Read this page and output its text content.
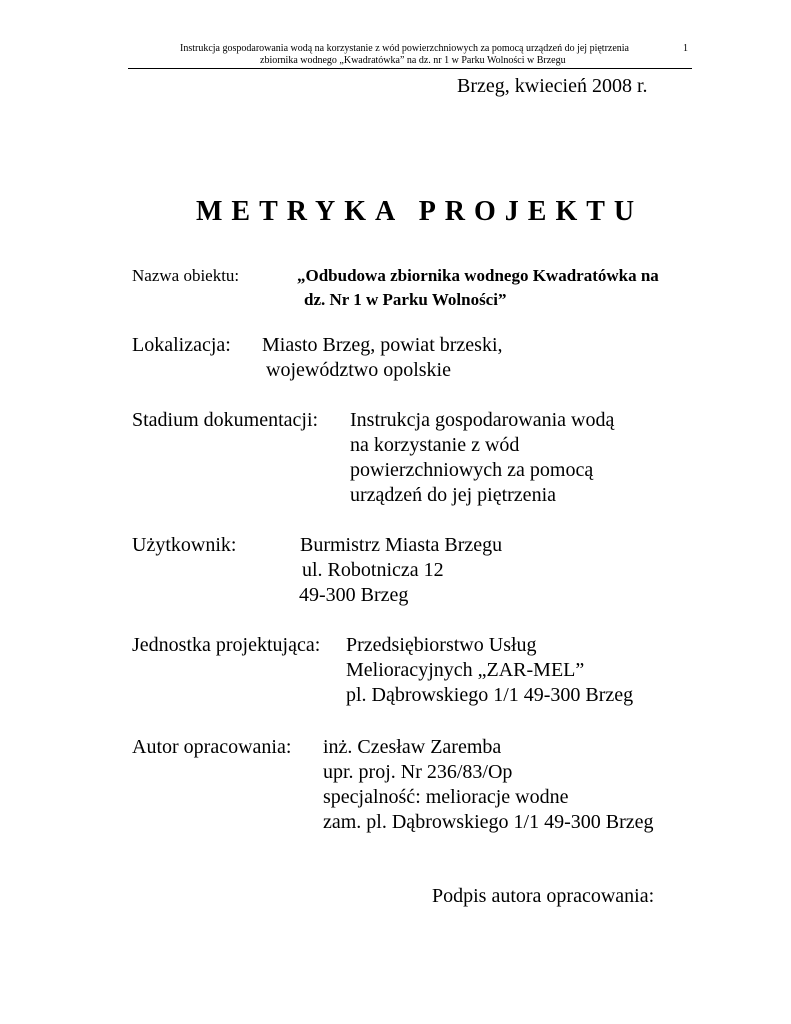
Instrukcja gospodarowania wodą na korzystanie z wód powierzchniowych za pomocą urządzeń do jej piętrzenia	1
zbiornika wodnego „Kwadratówka” na dz. nr 1 w Parku Wolności w Brzegu
Brzeg, kwiecień 2008 r.
METRYKA PROJEKTU
Nazwa obiektu:	„Odbudowa zbiornika wodnego Kwadratówka na
dz. Nr 1 w Parku Wolności”
Lokalizacja: Miasto Brzeg, powiat brzeski,
województwo opolskie
Stadium dokumentacji: Instrukcja gospodarowania wodą
na korzystanie z wód
powierzchniowych za pomocą
urządzeń do jej piętrzenia
Użytkownik:	Burmistrz Miasta Brzegu
ul. Robotnicza 12
49-300 Brzeg
Jednostka projektująca: Przedsiębiorstwo Usług
Melioracyjnych „ZAR-MEL”
pl. Dąbrowskiego 1/1 49-300 Brzeg
Autor opracowania: inż. Czesław Zaremba
upr. proj. Nr 236/83/Op
specjalność: melioracje wodne
zam. pl. Dąbrowskiego 1/1 49-300 Brzeg
Podpis autora opracowania:
